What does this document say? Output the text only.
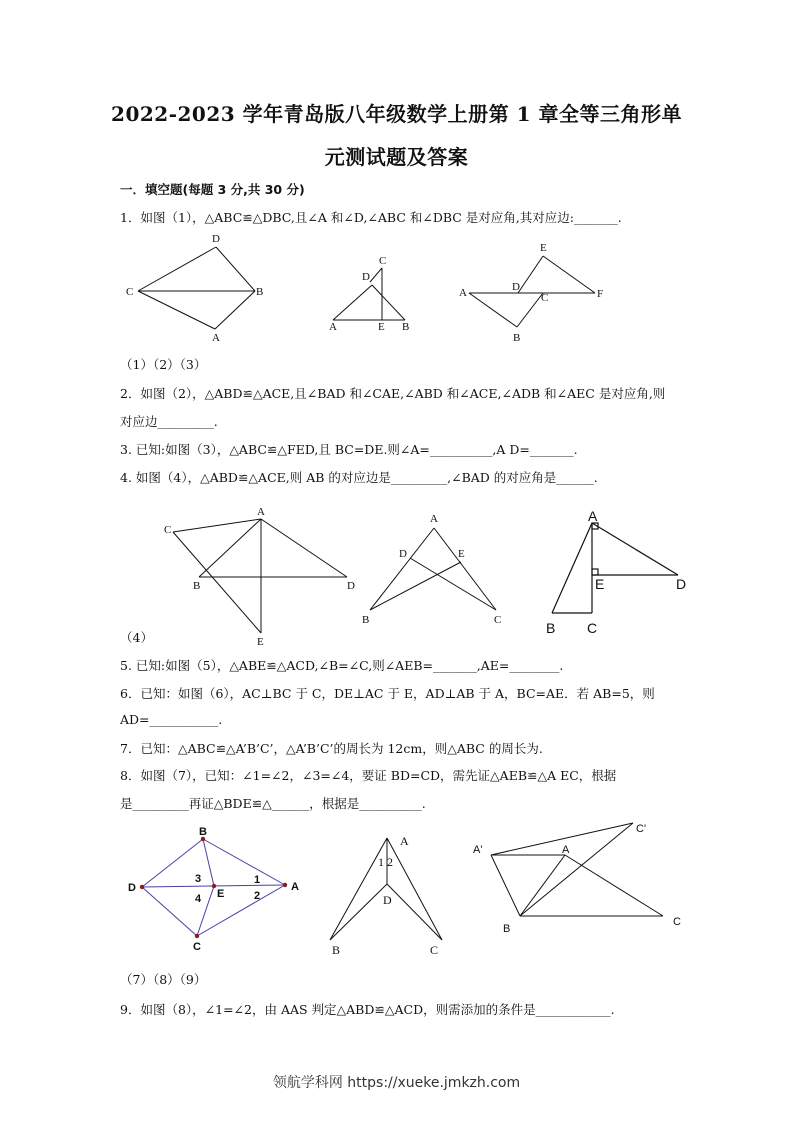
2022-2023 学年青岛版八年级数学上册第 1 章全等三角形单
元测试题及答案
一．填空题(每题 3 分,共 30 分)
1．如图（1），△ABC≌△DBC,且∠A 和∠D,∠ABC 和∠DBC 是对应角,其对应边:_______.
D
C	B
A
C
D
A	E B
E
A	D
C	F
B
（1）（2）（3）
2．如图（2），△ABD≌△ACE,且∠BAD 和∠CAE,∠ABD 和∠ACE,∠ADB 和∠AEC 是对应角,则
对应边_________.
3. 已知:如图（3），△ABC≌△FED,且 BC=DE.则∠A=__________,A D=_______.
4. 如图（4），△ABD≌△ACE,则 AB 的对应边是_________,∠BAD 的对应角是______.
A
C
B	D
E
A
D	E
B	C
A
E	D
B C
（4）
5. 已知:如图（5），△ABE≌△ACD,∠B=∠C,则∠AEB=_______,AE=________.
6．已知：如图（6），AC⊥BC 于 C，DE⊥AC 于 E，AD⊥AB 于 A，BC=AE．若 AB=5，则
AD=___________.
7．已知：△ABC≌△A’B’C’，△A’B’C’的周长为 12cm，则△ABC 的周长为.
8．如图（7），已知：∠1=∠2，∠3=∠4，要证 BD=CD，需先证△AEB≌△A EC，根据
是_________再证△BDE≌△______，根据是__________.
B
D	A
C
E
3
4
1
2
A
1 2
D
B	C
A'	A
C'
B
C
（7）（8）（9）
9．如图（8），∠1=∠2，由 AAS 判定△ABD≌△ACD，则需添加的条件是____________.
领航学科网 https://xueke.jmkzh.com
